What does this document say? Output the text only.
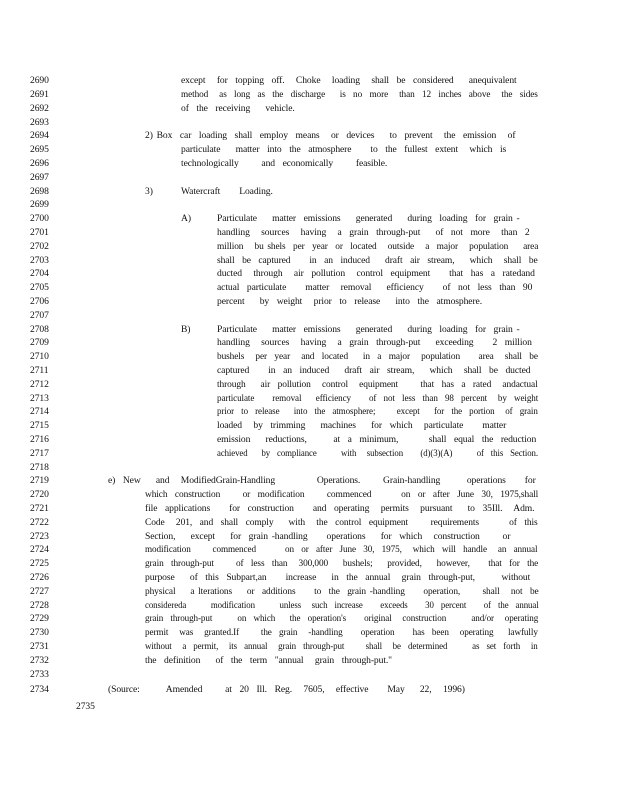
2690
2691
2692
2693
2694
2695
2696
2697
2698
2699
2700
2701
2702
2703
2704
2705
2706
2707
2708
2709
2710
2711
2712
2713
2714
2715
2716
2717
2718
2719
2720
2721
2722
2723
2724
2725
2726
2727
2728
2729
2730
2731
2732
2733
2734
2735
except   for  topping  off.   Choke   loading   shall  be  considered    anequivalent
method   as  long  as  the  discharge    is  no  more   than  12  inches  above   the  sides
of  the  receiving    vehicle.
2) Box  car  loading  shall  employ  means   or  devices    to  prevent   the  emission   of
particulate    matter  into  the  atmosphere     to  the  fullest  extent   which  is
technologically      and  economically      feasible.
3)	Watercraft     Loading.
A)	Particulate    matter  emissions    generated    during  loading  for  grain -
handling   sources   having   a  grain  through-put    of  not  more   than  2
million   bu shels  per  year  or  located   outside   a  major   population    area
shall  be  captured     in  an  induced    draft  air  stream,    which   shall  be
ducted   through   air  pollution   control  equipment     that  has  a  ratedand
actual  particulate     matter   removal    efficiency     of  not  less  than  90
percent    by  weight   prior  to  release    into  the  atmosphere.
B)	Particulate    matter  emissions    generated    during  loading  for  grain -
handling   sources   having   a  grain  through-put    exceeding     2  million
bushels   per  year   and  located    in  a  major   population     area   shall  be
captured     in  an  induced    draft  air  stream,    which   shall  be  ducted
through    air  pollution   control   equipment      that  has  a  rated   andactual
particulate     removal    efficiency     of  not  less  than  98  percent   by  weight
prior  to  release    into  the  atmosphere;      except    for  the  portion   of  grain
loaded   by  trimming    machines    for  which   particulate     matter
emission    reductions,       at  a  minimum,        shall  equal  the  reduction
achieved    by  compliance       with   subsection     (d)(3)(A)       of  this  Section.
e)  New    and   ModifiedGrain-Handling           Operations.      Grain-handling       operations     for
which  construction      or  modification      commenced        on  or  after  June  30,  1975,shall
file  applications     for  construction     and  operating   permits   pursuant    to  35Ill.   Adm.
Code   201,  and  shall  comply    with   the  control  equipment      requirements        of  this
Section,    except    for  grain -handling     operations    for  which   construction      or
modification      commenced        on  or  after  June  30,  1975,   which  will  handle   an  annual
grain  through-put      of  less  than   300,000    bushels;    provided,    however,     that  for  the
purpose    of  this  Subpart,an     increase    in  the  annual   grain  through-put,       without
physical    a lterations    or  additions     to  the  grain -handling     operation,      shall   not  be
considereda       modification       unless   such  increase     exceeds     30  percent     of  the  annual
grain  through-put       on  which    the  operation's     original   construction       and/or   operating
permit   was   granted.If      the  grain   -handling     operation     has  been   operating    lawfully
without   a  permit,   its  annual   grain  through-put      shall   be  determined       as  set  forth   in
the  definition    of  the  term  "annual   grain  through-put."
(Source:       Amended      at  20  Ill.  Reg.   7605,   effective     May    22,   1996)
